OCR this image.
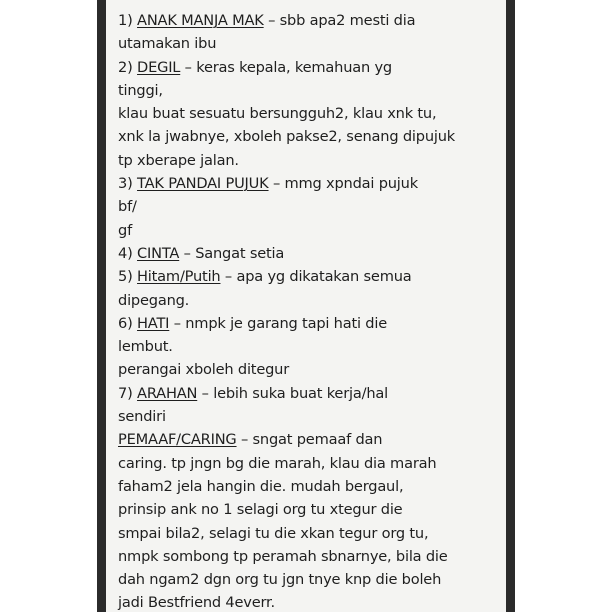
1) ANAK MANJA MAK – sbb apa2 mesti dia
utamakan ibu
2) DEGIL – keras kepala, kemahuan yg
tinggi,
klau buat sesuatu bersungguh2, klau xnk tu,
xnk la jwabnye, xboleh pakse2, senang dipujuk
tp xberape jalan.
3) TAK PANDAI PUJUK – mmg xpndai pujuk
bf/
gf
4) CINTA – Sangat setia
5) Hitam/Putih – apa yg dikatakan semua
dipegang.
6) HATI – nmpk je garang tapi hati die
lembut.
perangai xboleh ditegur
7) ARAHAN – lebih suka buat kerja/hal
sendiri
PEMAAF/CARING – sngat pemaaf dan
caring. tp jngn bg die marah, klau dia marah
faham2 jela hangin die. mudah bergaul,
prinsip ank no 1 selagi org tu xtegur die
smpai bila2, selagi tu die xkan tegur org tu,
nmpk sombong tp peramah sbnarnye, bila die
dah ngam2 dgn org tu jgn tnye knp die boleh
jadi Bestfriend 4everr.
